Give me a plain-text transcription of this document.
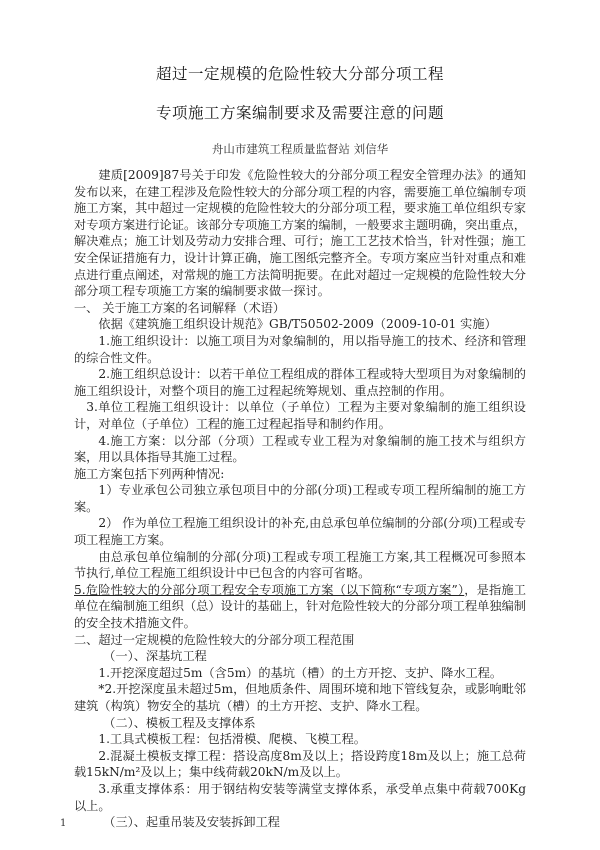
超过一定规模的危险性较大分部分项工程
专项施工方案编制要求及需要注意的问题
舟山市建筑工程质量监督站 刘信华

建质[2009]87号关于印发《危险性较大的分部分项工程安全管理办法》的通知发布以来，在建工程涉及危险性较大的分部分项工程的内容，需要施工单位编制专项施工方案，其中超过一定规模的危险性较大的分部分项工程，要求施工单位组织专家对专项方案进行论证。该部分专项施工方案的编制，一般要求主题明确，突出重点，解决难点；施工计划及劳动力安排合理、可行；施工工艺技术恰当，针对性强；施工安全保证措施有力，设计计算正确，施工图纸完整齐全。专项方案应当针对重点和难点进行重点阐述，对常规的施工方法简明扼要。在此对超过一定规模的危险性较大分部分项工程专项施工方案的编制要求做一探讨。

一、 关于施工方案的名词解释（术语）

依据《建筑施工组织设计规范》GB/T50502-2009（2009-10-01 实施）

1.施工组织设计：以施工项目为对象编制的，用以指导施工的技术、经济和管理的综合性文件。

2.施工组织总设计：以若干单位工程组成的群体工程或特大型项目为对象编制的施工组织设计，对整个项目的施工过程起统筹规划、重点控制的作用。

3.单位工程施工组织设计：以单位（子单位）工程为主要对象编制的施工组织设计，对单位（子单位）工程的施工过程起指导和制约作用。

4.施工方案：以分部（分项）工程或专业工程为对象编制的施工技术与组织方案，用以具体指导其施工过程。

施工方案包括下列两种情况:

1）专业承包公司独立承包项目中的分部(分项)工程或专项工程所编制的施工方案。

2） 作为单位工程施工组织设计的补充,由总承包单位编制的分部(分项)工程或专项工程施工方案。

由总承包单位编制的分部(分项)工程或专项工程施工方案,其工程概况可参照本节执行,单位工程施工组织设计中已包含的内容可省略。

5.危险性较大的分部分项工程安全专项施工方案（以下简称“专项方案”），是指施工单位在编制施工组织（总）设计的基础上，针对危险性较大的分部分项工程单独编制的安全技术措施文件。

二、超过一定规模的危险性较大的分部分项工程范围

（一）、深基坑工程

1.开挖深度超过5m（含5m）的基坑（槽）的土方开挖、支护、降水工程。

*2.开挖深度虽未超过5m，但地质条件、周围环境和地下管线复杂，或影响毗邻建筑（构筑）物安全的基坑（槽）的土方开挖、支护、降水工程。

（二）、模板工程及支撑体系

1.工具式模板工程：包括滑模、爬模、飞模工程。

2.混凝土模板支撑工程：搭设高度8m及以上；搭设跨度18m及以上；施工总荷载15kN/m²及以上；集中线荷载20kN/m及以上。

3.承重支撑体系：用于钢结构安装等满堂支撑体系，承受单点集中荷载700Kg以上。

（三）、起重吊装及安装拆卸工程

1
